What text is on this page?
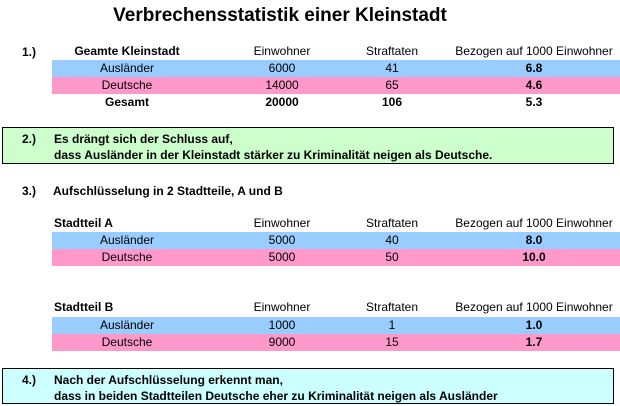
Verbrechensstatistik einer Kleinstadt
1.)	Geamte Kleinstadt	Einwohner	Straftaten	Bezogen auf 1000 Einwohner
Ausländer	6000	41	6.8
Deutsche	14000	65	4.6
Gesamt	20000	106	5.3
2.) Es drängt sich der Schluss auf,
dass Ausländer in der Kleinstadt stärker zu Kriminalität neigen als Deutsche.
3.) Aufschlüsselung in 2 Stadtteile, A und B
Stadtteil A	Einwohner	Straftaten	Bezogen auf 1000 Einwohner
Ausländer	5000	40	8.0
Deutsche	5000	50	10.0
Stadtteil B	Einwohner	Straftaten	Bezogen auf 1000 Einwohner
Ausländer	1000	1	1.0
Deutsche	9000	15	1.7
4.) Nach der Aufschlüsselung erkennt man,
dass in beiden Stadtteilen Deutsche eher zu Kriminalität neigen als Ausländer
